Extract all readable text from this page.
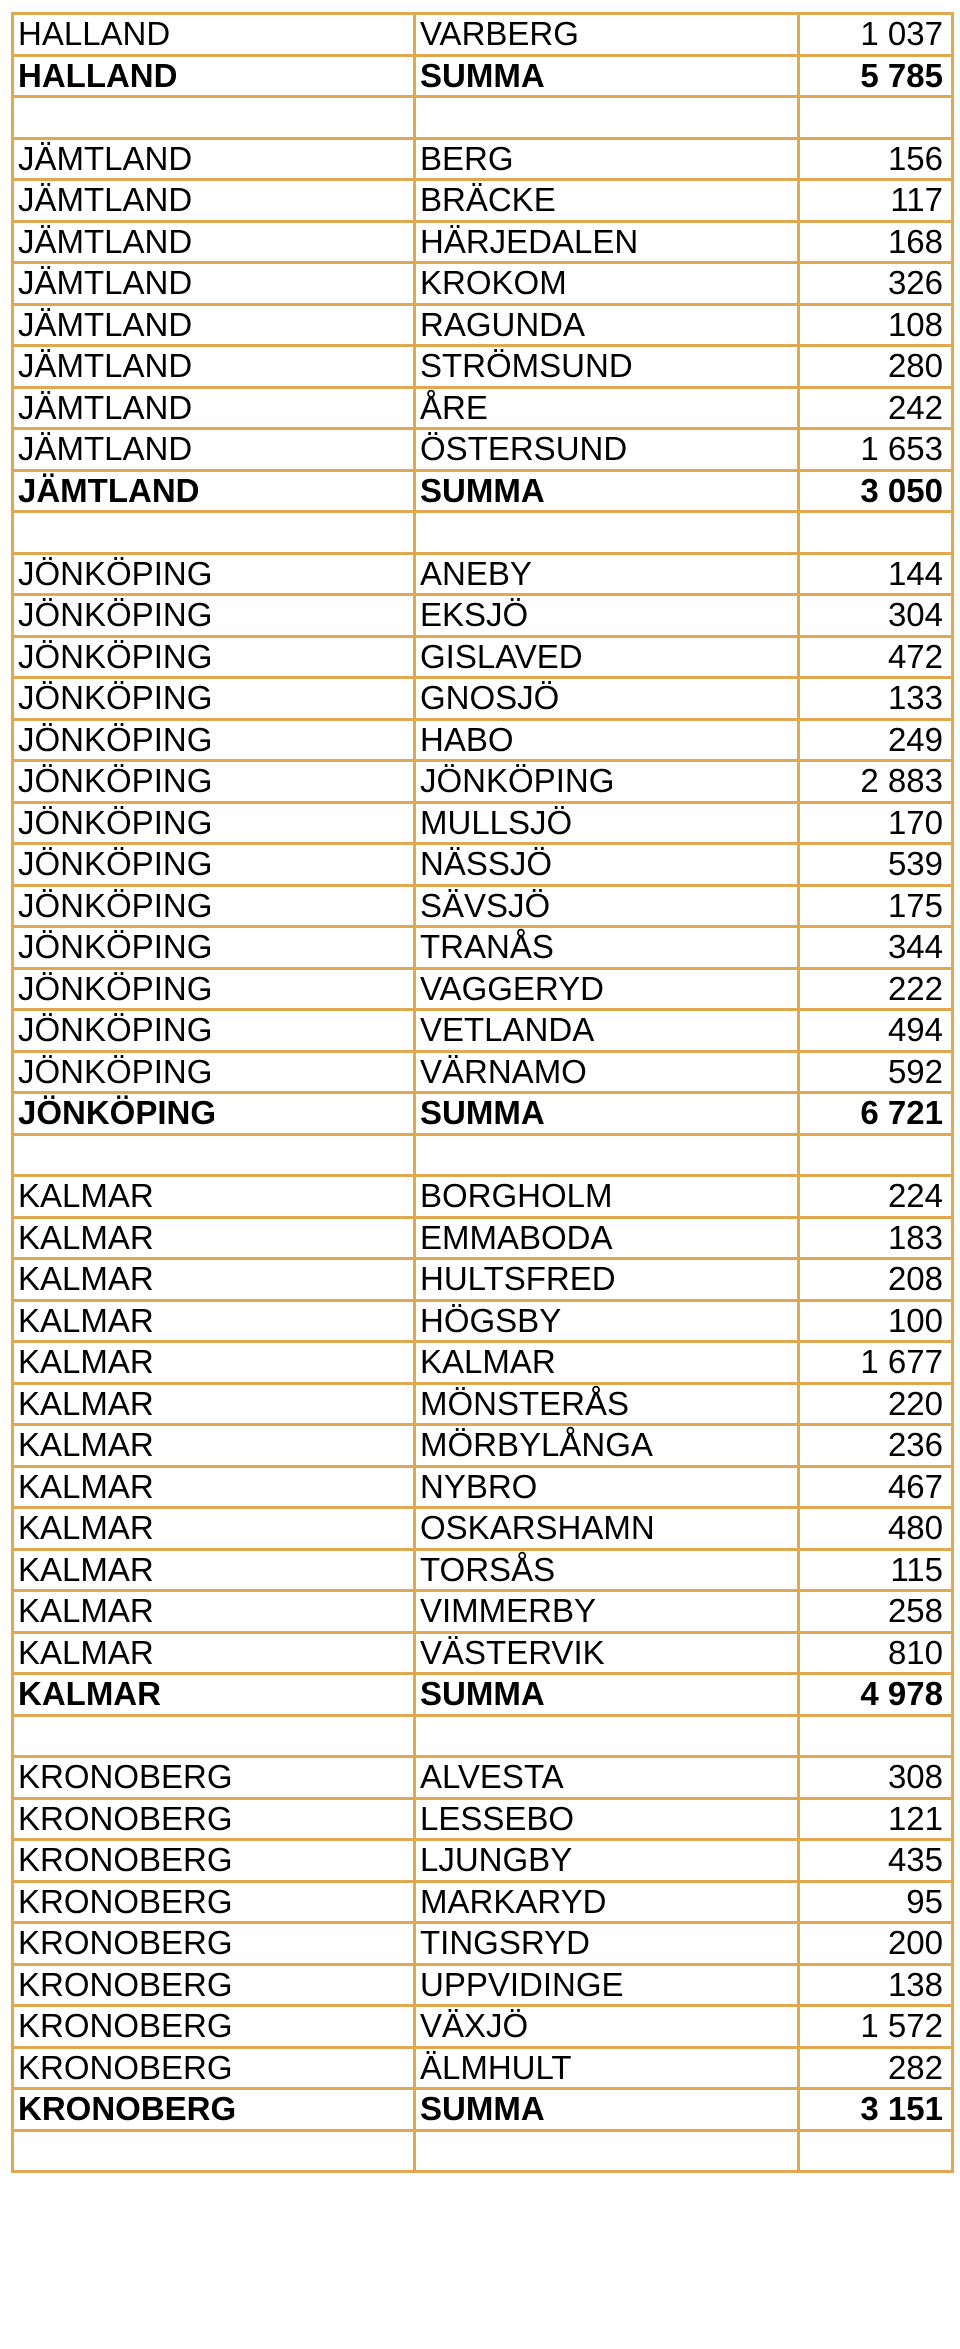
HALLAND	VARBERG	1 037
HALLAND	SUMMA	5 785

JÄMTLAND	BERG	156
JÄMTLAND	BRÄCKE	117
JÄMTLAND	HÄRJEDALEN	168
JÄMTLAND	KROKOM	326
JÄMTLAND	RAGUNDA	108
JÄMTLAND	STRÖMSUND	280
JÄMTLAND	ÅRE	242
JÄMTLAND	ÖSTERSUND	1 653
JÄMTLAND	SUMMA	3 050

JÖNKÖPING	ANEBY	144
JÖNKÖPING	EKSJÖ	304
JÖNKÖPING	GISLAVED	472
JÖNKÖPING	GNOSJÖ	133
JÖNKÖPING	HABO	249
JÖNKÖPING	JÖNKÖPING	2 883
JÖNKÖPING	MULLSJÖ	170
JÖNKÖPING	NÄSSJÖ	539
JÖNKÖPING	SÄVSJÖ	175
JÖNKÖPING	TRANÅS	344
JÖNKÖPING	VAGGERYD	222
JÖNKÖPING	VETLANDA	494
JÖNKÖPING	VÄRNAMO	592
JÖNKÖPING	SUMMA	6 721

KALMAR	BORGHOLM	224
KALMAR	EMMABODA	183
KALMAR	HULTSFRED	208
KALMAR	HÖGSBY	100
KALMAR	KALMAR	1 677
KALMAR	MÖNSTERÅS	220
KALMAR	MÖRBYLÅNGA	236
KALMAR	NYBRO	467
KALMAR	OSKARSHAMN	480
KALMAR	TORSÅS	115
KALMAR	VIMMERBY	258
KALMAR	VÄSTERVIK	810
KALMAR	SUMMA	4 978

KRONOBERG	ALVESTA	308
KRONOBERG	LESSEBO	121
KRONOBERG	LJUNGBY	435
KRONOBERG	MARKARYD	95
KRONOBERG	TINGSRYD	200
KRONOBERG	UPPVIDINGE	138
KRONOBERG	VÄXJÖ	1 572
KRONOBERG	ÄLMHULT	282
KRONOBERG	SUMMA	3 151
